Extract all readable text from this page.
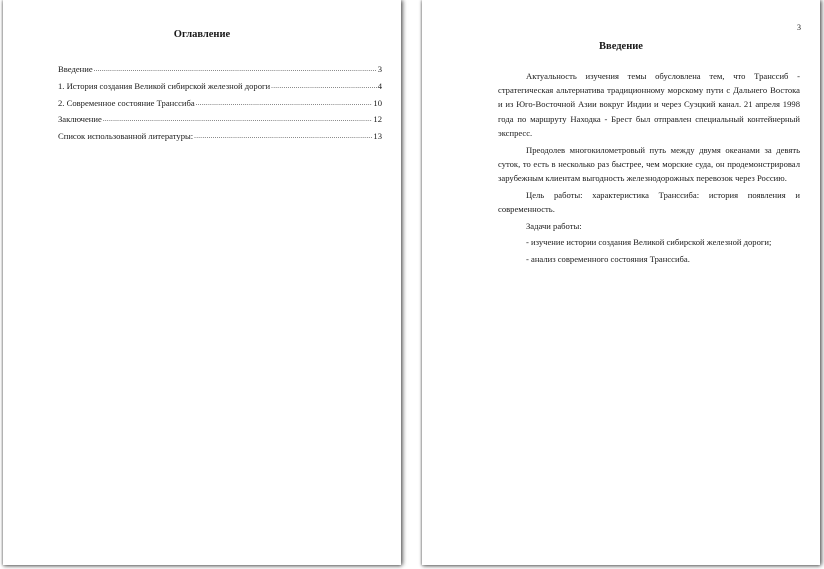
Оглавление
Введение .....	3
1. История создания Великой сибирской железной дороги .....	4
2. Современное состояние Транссиба .....	10
Заключение .....	12
Список использованной литературы: .....	13
3
Введение

Актуальность изучения темы обусловлена тем, что Транссиб - стратегическая альтернатива традиционному морскому пути с Дальнего Востока и из Юго-Восточной Азии вокруг Индии и через Суэцкий канал. 21 апреля 1998 года по маршруту Находка - Брест был отправлен специальный контейнерный экспресс.

Преодолев многокилометровый путь между двумя океанами за девять суток, то есть в несколько раз быстрее, чем морские суда, он продемонстрировал зарубежным клиентам выгодность железнодорожных перевозок через Россию.

Цель работы: характеристика Транссиба: история появления и современность.

Задачи работы:

- изучение истории создания Великой сибирской железной дороги;

- анализ современного состояния Транссиба.
